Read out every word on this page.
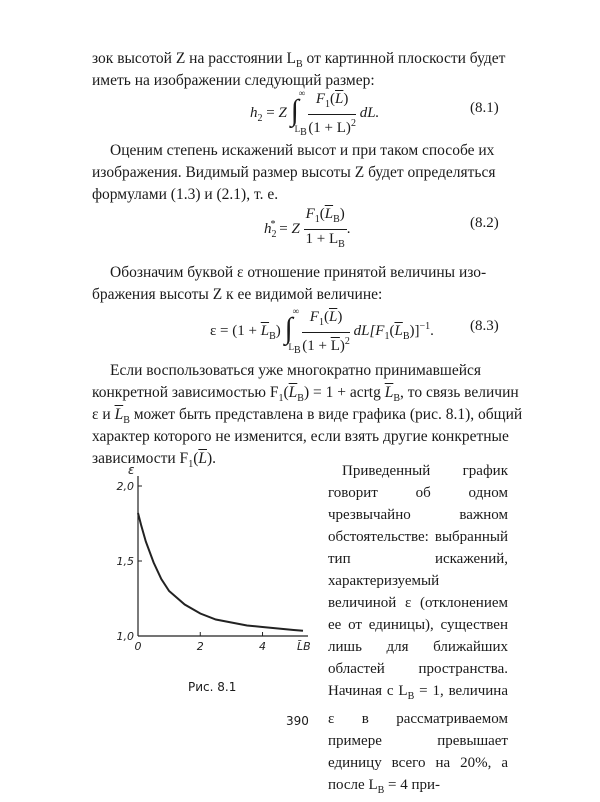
зок высотой Z на расстоянии $L_B$ от картинной плоскости будет

иметь на изображении следующий размер:

$h_2 = Z$ ∫
∞
$L_B$
$\frac{F_1(\overline{L})}{(1 + L)^2}$ dL.	(8.1)

Оценим степень искажений высот и при таком способе их

изображения. Видимый размер высоты Z будет определяться

формулами (1.3) и (2.1), т. е.

$h_2^* = Z \frac{F_1(\overline{L}_B)}{1 + L_B}$ .	(8.2)

Обозначим буквой ε отношение принятой величины изо-

бражения высоты Z к ее видимой величине:

$\varepsilon = (1 + \overline{L}_B)$ ∫
∞
$L_B$
$\frac{F_1(\overline{L})}{(1 + \overline{L})^2} dL[F_1(\overline{L}_B)]^{-1}$. (8.3)

Если воспользоваться уже многократно принимавшейся

конкретной зависимостью $F_1(\overline{L}_B) = 1$ + acrtg $\overline{L}_B$, то связь величин

ε и $\overline{L}_B$ может быть представлена в виде графика (рис. 8.1), общий

характер которого не изменится, если взять другие конкретные

зависимости $F_1(\overline{L})$.

0	2	4
1,0
1,5
2,0
ε
L̄B
Рис. 8.1

Приведенный график говорит об одном чрезвычайно важном обстоятельстве: выбранный тип искажений, характеризуемый величиной ε (отклонением ее от единицы), существен лишь для ближайших областей пространства. Начиная с $L_B = 1$, величина ε в рассматриваемом примере превышает единицу всего на 20%, а после $L_B = 4$ при-

390
